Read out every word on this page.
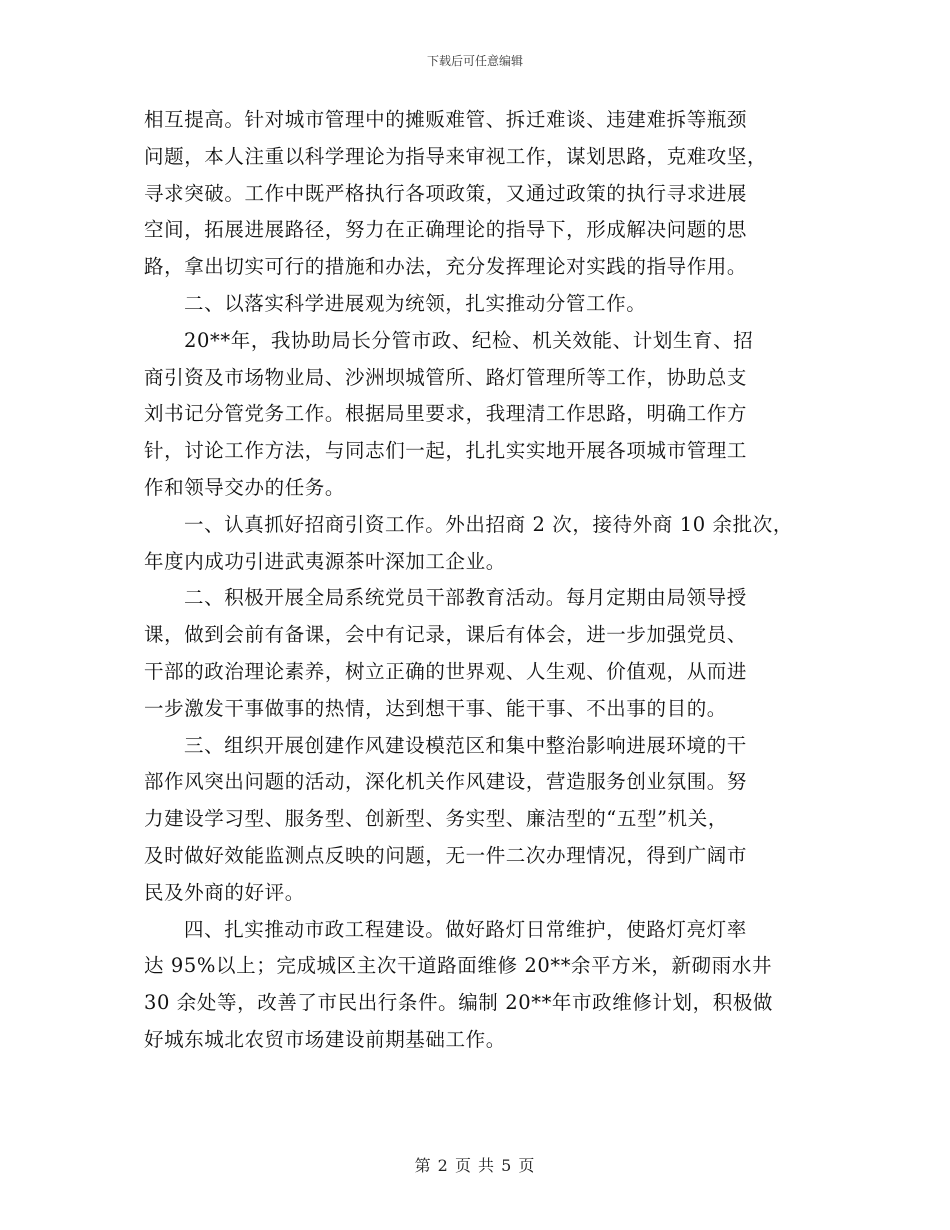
下载后可任意编辑
相互提高。针对城市管理中的摊贩难管、拆迁难谈、违建难拆等瓶颈
问题，本人注重以科学理论为指导来审视工作，谋划思路，克难攻坚，
寻求突破。工作中既严格执行各项政策，又通过政策的执行寻求进展
空间，拓展进展路径，努力在正确理论的指导下，形成解决问题的思
路，拿出切实可行的措施和办法，充分发挥理论对实践的指导作用。
二、以落实科学进展观为统领，扎实推动分管工作。
20**年，我协助局长分管市政、纪检、机关效能、计划生育、招
商引资及市场物业局、沙洲坝城管所、路灯管理所等工作，协助总支
刘书记分管党务工作。根据局里要求，我理清工作思路，明确工作方
针，讨论工作方法，与同志们一起，扎扎实实地开展各项城市管理工
作和领导交办的任务。
一、认真抓好招商引资工作。外出招商 2 次，接待外商 10 余批次，
年度内成功引进武夷源茶叶深加工企业。
二、积极开展全局系统党员干部教育活动。每月定期由局领导授
课，做到会前有备课，会中有记录，课后有体会，进一步加强党员、
干部的政治理论素养，树立正确的世界观、人生观、价值观，从而进
一步激发干事做事的热情，达到想干事、能干事、不出事的目的。
三、组织开展创建作风建设模范区和集中整治影响进展环境的干
部作风突出问题的活动，深化机关作风建设，营造服务创业氛围。努
力建设学习型、服务型、创新型、务实型、廉洁型的“五型”机关，
及时做好效能监测点反映的问题，无一件二次办理情况，得到广阔市
民及外商的好评。
四、扎实推动市政工程建设。做好路灯日常维护，使路灯亮灯率
达 95%以上；完成城区主次干道路面维修 20**余平方米，新砌雨水井
30 余处等，改善了市民出行条件。编制 20**年市政维修计划，积极做
好城东城北农贸市场建设前期基础工作。
第 2 页 共 5 页
